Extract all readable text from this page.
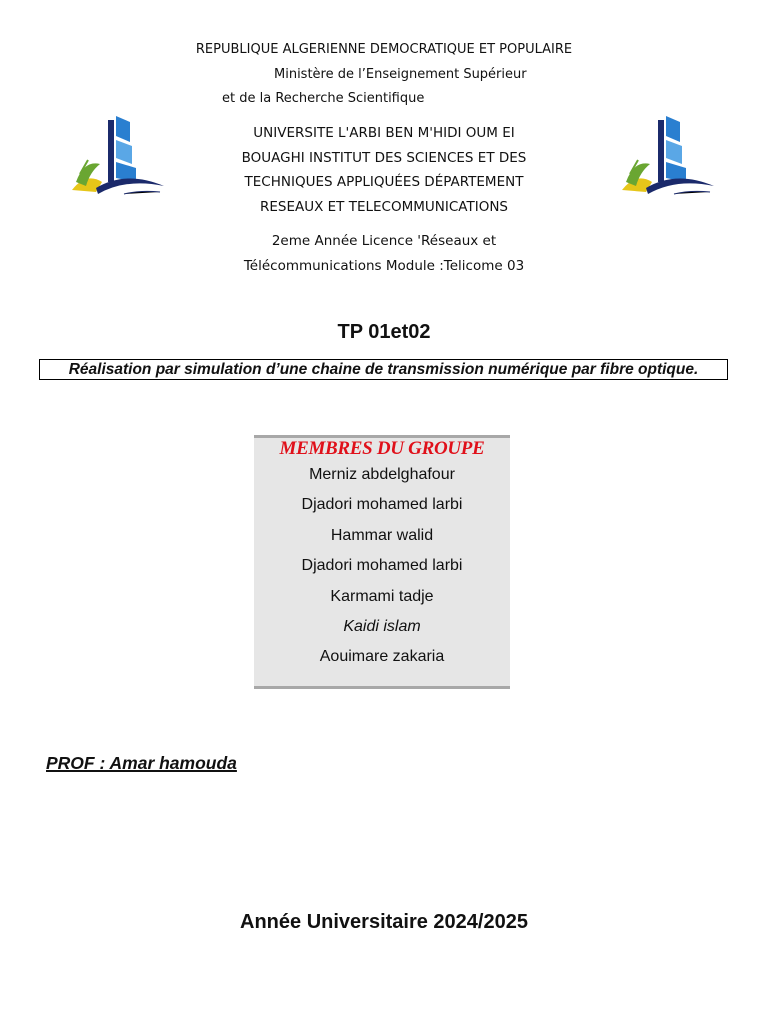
REPUBLIQUE ALGERIENNE DEMOCRATIQUE ET POPULAIRE
Ministère de l’Enseignement Supérieur
et de la Recherche Scientifique
UNIVERSITE L'ARBI BEN M'HIDI OUM EI
BOUAGHI INSTITUT DES SCIENCES ET DES
TECHNIQUES APPLIQUÉES DÉPARTEMENT
RESEAUX ET TELECOMMUNICATIONS
2eme Année Licence 'Réseaux et
Télécommunications Module :Telicome 03
TP 01et02
Réalisation par simulation d’une chaine de transmission numérique par fibre optique.
MEMBRES DU GROUPE
Merniz abdelghafour
Djadori mohamed larbi
Hammar walid
Djadori mohamed larbi
Karmami tadje
Kaidi islam
Aouimare zakaria
PROF : Amar hamouda
Année Universitaire 2024/2025
